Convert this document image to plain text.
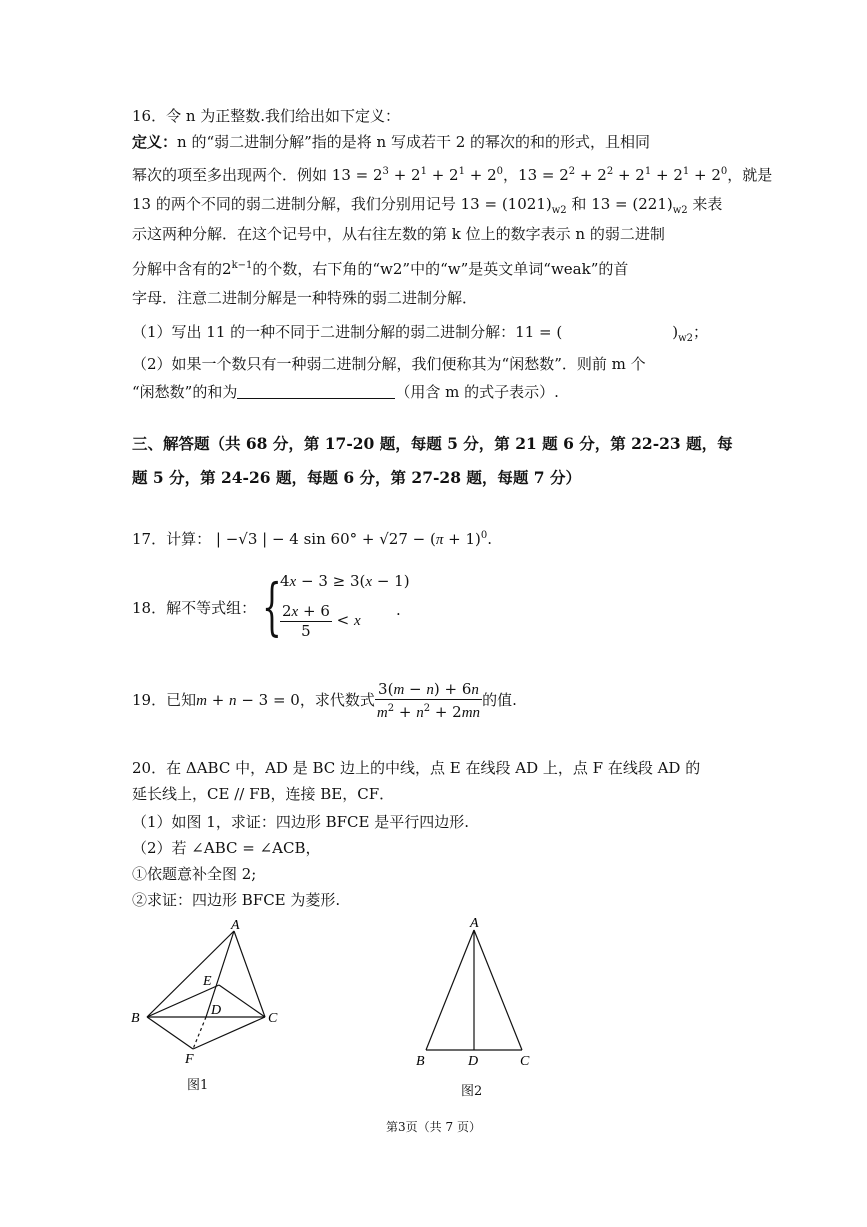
16．令 n 为正整数.我们给出如下定义：
定义：n 的“弱二进制分解”指的是将 n 写成若干 2 的幂次的和的形式，且相同
幂次的项至多出现两个．例如 $13 = 2^3 + 2^1 + 2^1 + 2^0$，$13 = 2^2 + 2^2 + 2^1 + 2^1 + 2^0$，就是
13 的两个不同的弱二进制分解，我们分别用记号 $13 = (1021)_{w2}$ 和 $13 = (221)_{w2}$ 来表
示这两种分解．在这个记号中，从右往左数的第 k 位上的数字表示 n 的弱二进制
分解中含有的$2^{k-1}$的个数，右下角的“w2”中的“w”是英文单词“weak”的首
字母．注意二进制分解是一种特殊的弱二进制分解．
（1）写出 11 的一种不同于二进制分解的弱二进制分解：11 = (	)$_{w2}$；
（2）如果一个数只有一种弱二进制分解，我们便称其为“闲愁数”．则前 m 个
“闲愁数”的和为	（用含 m 的式子表示）.
三、解答题（共 68 分，第 17-20 题，每题 5 分，第 21 题 6 分，第 22-23 题，每
题 5 分，第 24-26 题，每题 6 分，第 27-28 题，每题 7 分）
17．计算： | −√3 | − 4 $\sin 60^\circ + √27 - (\pi + 1)^0$.
18．解不等式组： {
4x − 3 ≥ 3(x − 1)
$\frac{2x + 6}{5} < x$
.
19．已知m + n − 3 = 0，求代数式 $\frac{3(m - n) + 6n}{m^2 + n^2 + 2mn}$ 的值.
20．在 ΔABC 中，AD 是 BC 边上的中线，点 E 在线段 AD 上，点 F 在线段 AD 的
延长线上，CE // FB，连接 BE，CF．
（1）如图 1，求证：四边形 BFCE 是平行四边形.
（2）若 ∠ABC = ∠ACB，
①依题意补全图 2;
②求证：四边形 BFCE 为菱形.
A
E
D
B	C
F
图1
A
B	D	C
图2
第3页（共 7 页）
